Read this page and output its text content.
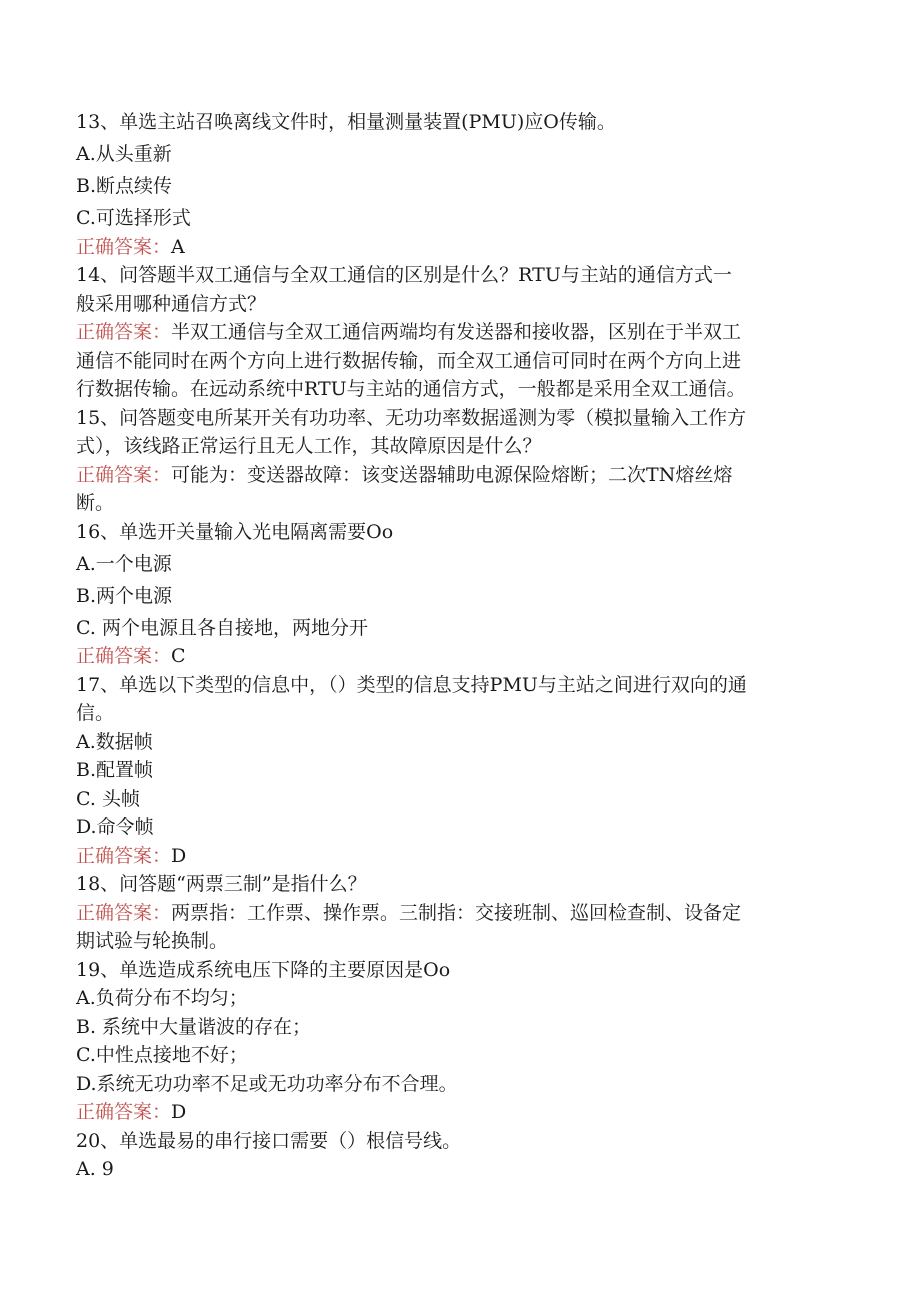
13、单选主站召唤离线文件时，相量测量装置(PMU)应O传输。
A.从头重新
B.断点续传
C.可选择形式
正确答案：A
14、问答题半双工通信与全双工通信的区别是什么？RTU与主站的通信方式一
般采用哪种通信方式？
正确答案：半双工通信与全双工通信两端均有发送器和接收器，区别在于半双工
通信不能同时在两个方向上进行数据传输，而全双工通信可同时在两个方向上进
行数据传输。在远动系统中RTU与主站的通信方式，一般都是采用全双工通信。
15、问答题变电所某开关有功功率、无功功率数据遥测为零（模拟量输入工作方
式），该线路正常运行且无人工作，其故障原因是什么？
正确答案：可能为：变送器故障：该变送器辅助电源保险熔断；二次TN熔丝熔
断。
16、单选开关量输入光电隔离需要Oo
A.一个电源
B.两个电源
C. 两个电源且各自接地，两地分开
正确答案：C
17、单选以下类型的信息中，（）类型的信息支持PMU与主站之间进行双向的通
信。
A.数据帧
B.配置帧
C. 头帧
D.命令帧
正确答案：D
18、问答题“两票三制”是指什么？
正确答案：两票指：工作票、操作票。三制指：交接班制、巡回检查制、设备定
期试验与轮换制。
19、单选造成系统电压下降的主要原因是Oo
A.负荷分布不均匀；
B. 系统中大量谐波的存在；
C.中性点接地不好；
D.系统无功功率不足或无功功率分布不合理。
正确答案：D
20、单选最易的串行接口需要（）根信号线。
A. 9
